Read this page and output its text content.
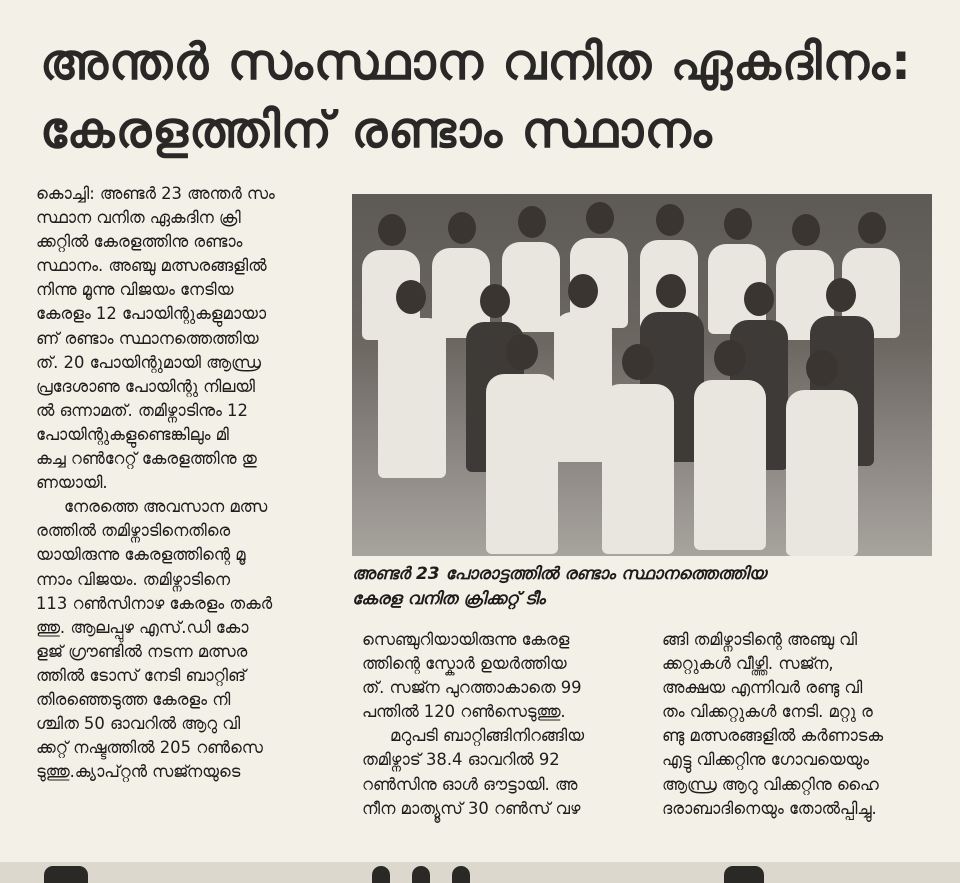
അന്തർ സംസ്ഥാന വനിത ഏകദിനം:
കേരളത്തിന് രണ്ടാം സ്ഥാനം

കൊച്ചി: അണ്ടർ 23 അന്തർ സം
സ്ഥാന വനിത ഏകദിന ക്രി
ക്കറ്റിൽ കേരളത്തിനു രണ്ടാം
സ്ഥാനം. അഞ്ചു മത്സരങ്ങളിൽ
നിന്നു മൂന്നു വിജയം നേടിയ
കേരളം 12 പോയിന്റുകളുമായാ
ണ് രണ്ടാം സ്ഥാനത്തെത്തിയ
ത്. 20 പോയിന്റുമായി ആന്ധ്ര
പ്രദേശാണു പോയിന്റു നിലയി
ൽ ഒന്നാമത്. തമിഴ്നാടിനും 12
പോയിന്റുകളുണ്ടെങ്കിലും മി
കച്ച റൺറേറ്റ് കേരളത്തിനു തു
ണയായി.

നേരത്തെ അവസാന മത്സ
രത്തിൽ തമിഴ്നാടിനെതിരെ
യായിരുന്നു കേരളത്തിന്റെ മൂ
ന്നാം വിജയം. തമിഴ്നാടിനെ
113 റൺസിനാഴ കേരളം തകർ
ത്തു. ആലപ്പുഴ എസ്.ഡി കോ
ളജ് ഗ്രൗണ്ടിൽ നടന്ന മത്സര
ത്തിൽ ടോസ് നേടി ബാറ്റിങ്
തിരഞ്ഞെടുത്ത കേരളം നി
ശ്ചിത 50 ഓവറിൽ ആറു വി
ക്കറ്റ് നഷ്ടത്തിൽ 205 റൺസെ
ടുത്തു.ക്യാപ്റ്റൻ സജ്നയുടെ

അണ്ടർ 23 പോരാട്ടത്തിൽ രണ്ടാം സ്ഥാനത്തെത്തിയ
കേരള വനിത ക്രിക്കറ്റ് ടീം

സെഞ്ചുറിയായിരുന്നു കേരള
ത്തിന്റെ സ്കോർ ഉയർത്തിയ
ത്. സജ്ന പുറത്താകാതെ 99
പന്തിൽ 120 റൺസെടുത്തു.

മറുപടി ബാറ്റിങ്ങിനിറങ്ങിയ
തമിഴ്നാട് 38.4 ഓവറിൽ 92
റൺസിനു ഓൾ ഔട്ടായി. അ
നീന മാത്യൂസ് 30 റൺസ് വഴ

ങ്ങി തമിഴ്നാടിന്റെ അഞ്ചു വി
ക്കറ്റുകൾ വീഴ്ത്തി. സജ്ന,
അക്ഷയ എന്നിവർ രണ്ടു വി
തം വിക്കറ്റുകൾ നേടി. മറ്റു ര
ണ്ടു മത്സരങ്ങളിൽ കർണാടക
എട്ടു വിക്കറ്റിനു ഗോവയെയും
ആന്ധ്ര ആറു വിക്കറ്റിനു ഹൈ
ദരാബാദിനെയും തോൽപ്പിച്ചു.
